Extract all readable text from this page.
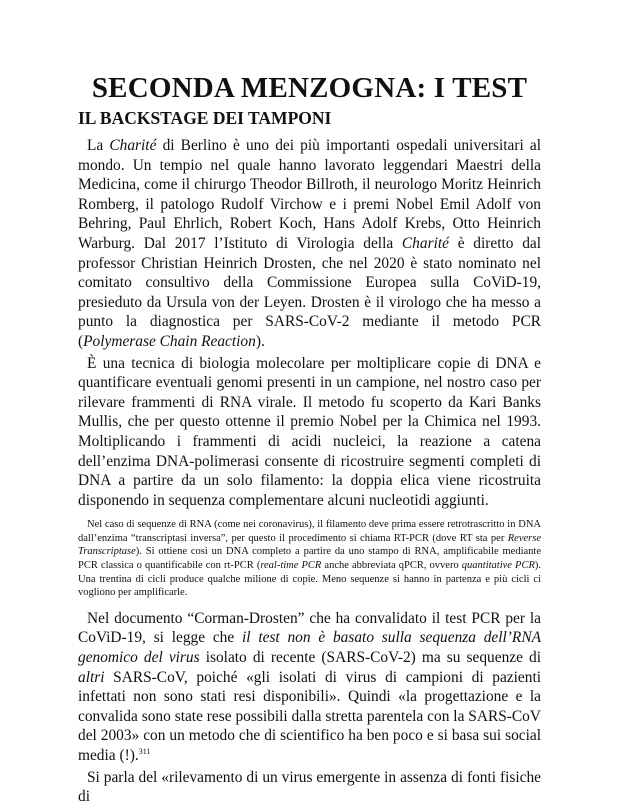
SECONDA MENZOGNA: I TEST
IL BACKSTAGE DEI TAMPONI

La Charité di Berlino è uno dei più importanti ospedali universitari al mondo. Un tempio nel quale hanno lavorato leggendari Maestri della Medicina, come il chirurgo Theodor Billroth, il neurologo Moritz Heinrich Romberg, il patologo Rudolf Virchow e i premi Nobel Emil Adolf von Behring, Paul Ehrlich, Robert Koch, Hans Adolf Krebs, Otto Heinrich Warburg. Dal 2017 l’Istituto di Virologia della Charité è diretto dal professor Christian Heinrich Drosten, che nel 2020 è stato nominato nel comitato consultivo della Commissione Europea sulla CoViD-19, presieduto da Ursula von der Leyen. Drosten è il virologo che ha messo a punto la diagnostica per SARS-CoV-2 mediante il metodo PCR (Polymerase Chain Reaction).

È una tecnica di biologia molecolare per moltiplicare copie di DNA e quantificare eventuali genomi presenti in un campione, nel nostro caso per rilevare frammenti di RNA virale. Il metodo fu scoperto da Kari Banks Mullis, che per questo ottenne il premio Nobel per la Chimica nel 1993. Moltiplicando i frammenti di acidi nucleici, la reazione a catena dell’enzima DNA-polimerasi consente di ricostruire segmenti completi di DNA a partire da un solo filamento: la doppia elica viene ricostruita disponendo in sequenza complementare alcuni nucleotidi aggiunti.

Nel caso di sequenze di RNA (come nei coronavirus), il filamento deve prima essere retrotrascritto in DNA dall’enzima “transcriptasi inversa”, per questo il procedimento si chiama RT-PCR (dove RT sta per Reverse Transcriptase). Si ottiene così un DNA completo a partire da uno stampo di RNA, amplificabile mediante PCR classica o quantificabile con rt-PCR (real-time PCR anche abbreviata qPCR, ovvero quantitative PCR). Una trentina di cicli produce qualche milione di copie. Meno sequenze si hanno in partenza e più cicli ci vogliono per amplificarle.

Nel documento “Corman-Drosten” che ha convalidato il test PCR per la CoViD-19, si legge che il test non è basato sulla sequenza dell’RNA genomico del virus isolato di recente (SARS-CoV-2) ma su sequenze di altri SARS-CoV, poiché «gli isolati di virus di campioni di pazienti infettati non sono stati resi disponibili». Quindi «la progettazione e la convalida sono state rese possibili dalla stretta parentela con la SARS-CoV del 2003» con un metodo che di scientifico ha ben poco e si basa sui social media (!).$^{311}$

Si parla del «rilevamento di un virus emergente in assenza di fonti fisiche di
